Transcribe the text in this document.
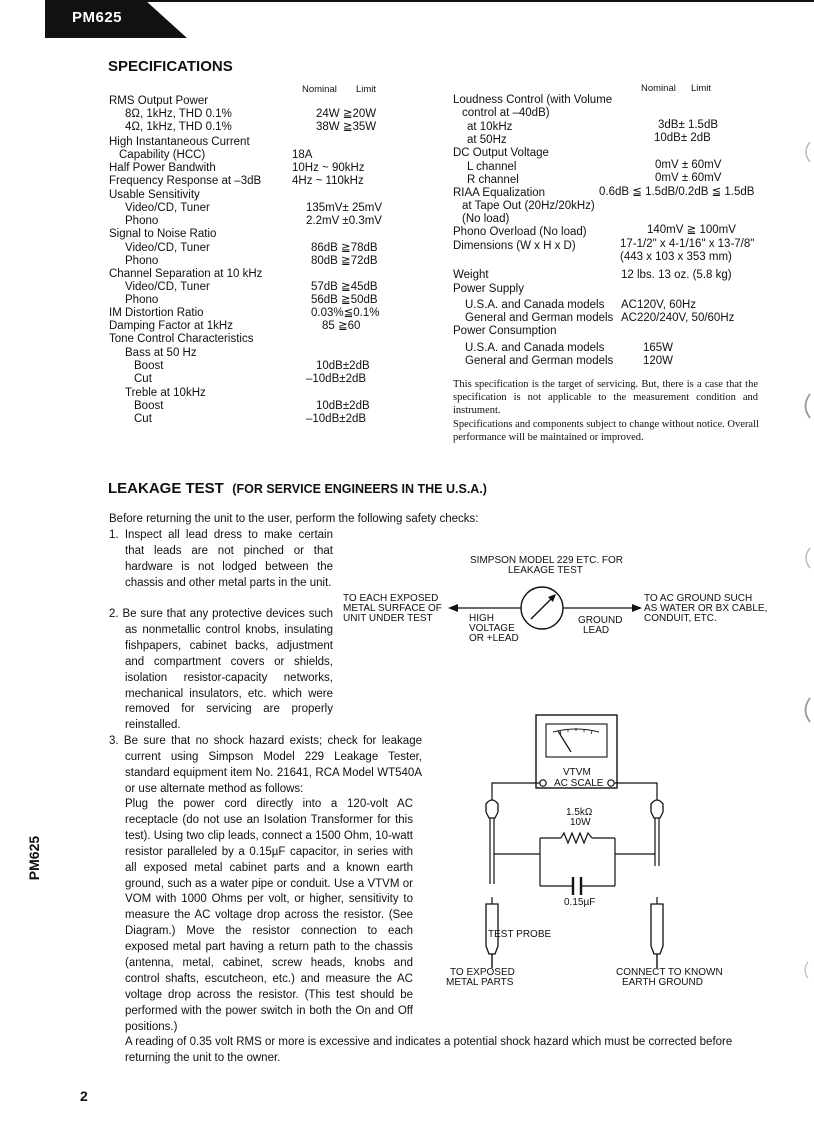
PM625
SPECIFICATIONS
Nominal Limit	Nominal Limit
RMS Output Power
8Ω, 1kHz, THD 0.1%	24W ≧20W
4Ω, 1kHz, THD 0.1%	38W ≧35W
High Instantaneous Current
Capability (HCC)	18A
Half Power Bandwith	10Hz ~ 90kHz
Frequency Response at –3dB	4Hz ~ 110kHz
Usable Sensitivity
Video/CD, Tuner	135mV± 25mV
Phono	2.2mV ±0.3mV
Signal to Noise Ratio
Video/CD, Tuner	86dB ≧78dB
Phono	80dB ≧72dB
Channel Separation at 10 kHz
Video/CD, Tuner	57dB ≧45dB
Phono	56dB ≧50dB
IM Distortion Ratio	0.03%≦0.1%
Damping Factor at 1kHz	85 ≧60
Tone Control Characteristics
Bass at 50 Hz
Boost	10dB±2dB
Cut	–10dB±2dB
Treble at 10kHz
Boost	10dB±2dB
Cut	–10dB±2dB
Loudness Control (with Volume
control at –40dB)
at 10kHz	3dB± 1.5dB
at 50Hz	10dB± 2dB
DC Output Voltage
L channel	0mV ± 60mV
R channel	0mV ± 60mV
RIAA Equalization	0.6dB ≦ 1.5dB/0.2dB ≦ 1.5dB
at Tape Out (20Hz/20kHz)
(No load)
Phono Overload (No load)	140mV ≧ 100mV
Dimensions (W x H x D)	17-1/2" x 4-1/16" x 13-7/8"
(443 x 103 x 353 mm)
Weight	12 lbs. 13 oz. (5.8 kg)
Power Supply
U.S.A. and Canada models AC120V, 60Hz
General and German models AC220/240V, 50/60Hz
Power Consumption
U.S.A. and Canada models	165W
General and German models	120W
This specification is the target of servicing. But, there is a case that the specification is not applicable to the measurement condition and instrument.
Specifications and components subject to change without notice. Overall performance will be maintained or improved.
LEAKAGE TEST (FOR SERVICE ENGINEERS IN THE U.S.A.)
Before returning the unit to the user, perform the following safety checks:
1. Inspect all lead dress to make certain that leads are not pinched or that hardware is not lodged between the chassis and other metal parts in the unit.
2. Be sure that any protective devices such as nonmetallic control knobs, insulating fishpapers, cabinet backs, adjustment and compartment covers or shields, isolation resistor-capacity networks, mechanical insulators, etc. which were removed for servicing are properly reinstalled.
3. Be sure that no shock hazard exists; check for leakage current using Simpson Model 229 Leakage Tester, standard equipment item No. 21641, RCA Model WT540A or use alternate method as follows:
Plug the power cord directly into a 120-volt AC receptacle (do not use an Isolation Transformer for this test). Using two clip leads, connect a 1500 Ohm, 10-watt resistor paralleled by a 0.15µF capacitor, in series with all exposed metal cabinet parts and a known earth ground, such as a water pipe or conduit. Use a VTVM or VOM with 1000 Ohms per volt, or higher, sensitivity to measure the AC voltage drop across the resistor. (See Diagram.) Move the resistor connection to each exposed metal part having a return path to the chassis (antenna, metal, cabinet, screw heads, knobs and control shafts, escutcheon, etc.) and measure the AC voltage drop across the resistor. (This test should be performed with the power switch in both the On and Off positions.)
A reading of 0.35 volt RMS or more is excessive and indicates a potential shock hazard which must be corrected before returning the unit to the owner.
SIMPSON MODEL 229 ETC. FOR
LEAKAGE TEST
TO EACH EXPOSED
METAL SURFACE OF
UNIT UNDER TEST
TO AC GROUND SUCH
AS WATER OR BX CABLE,
CONDUIT, ETC.
HIGH
VOLTAGE
OR +LEAD
GROUND
LEAD
VTVM
AC SCALE
1.5kΩ
10W
0.15µF
TEST PROBE
TO EXPOSED
METAL PARTS
CONNECT TO KNOWN
EARTH GROUND
PM625
2
